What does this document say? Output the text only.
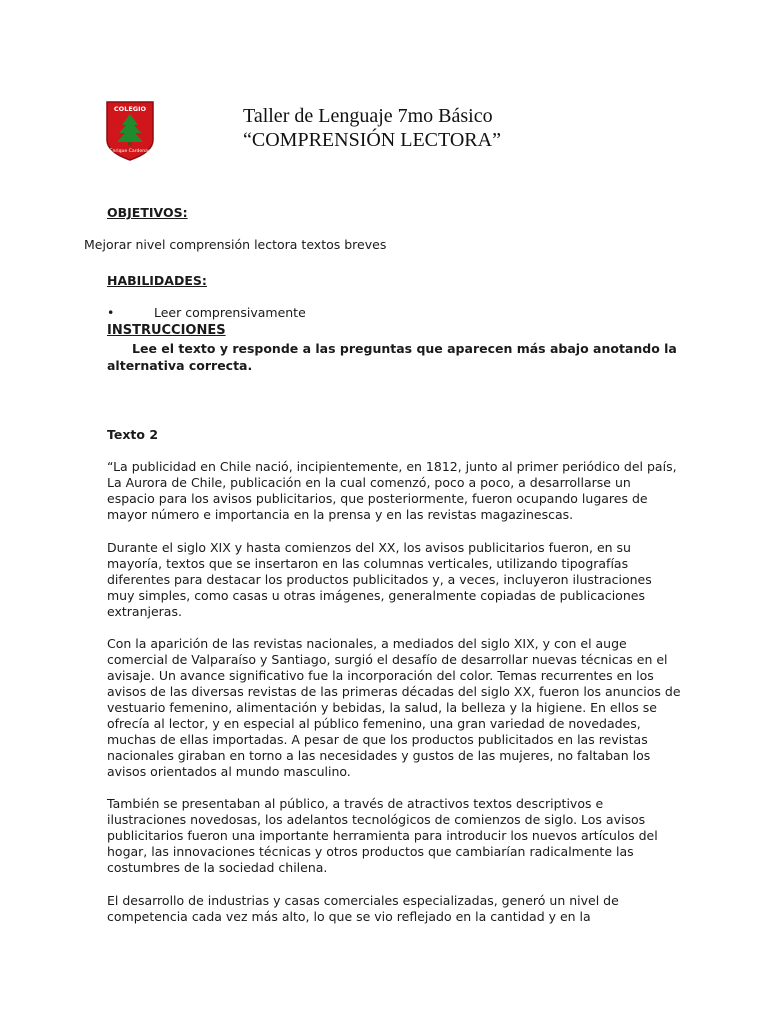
COLEGIO
Enrique Cardenas
Taller de Lenguaje 7mo Básico
“COMPRENSIÓN LECTORA”
OBJETIVOS:
Mejorar nivel comprensión lectora textos breves
HABILIDADES:
•	Leer comprensivamente
INSTRUCCIONES
Lee el texto y responde a las preguntas que aparecen más abajo anotando la alternativa correcta.
Texto 2

“La publicidad en Chile nació, incipientemente, en 1812, junto al primer periódico del país, La Aurora de Chile, publicación en la cual comenzó, poco a poco, a desarrollarse un espacio para los avisos publicitarios, que posteriormente, fueron ocupando lugares de mayor número e importancia en la prensa y en las revistas magazinescas.

Durante el siglo XIX y hasta comienzos del XX, los avisos publicitarios fueron, en su mayoría, textos que se insertaron en las columnas verticales, utilizando tipografías diferentes para destacar los productos publicitados y, a veces, incluyeron ilustraciones muy simples, como casas u otras imágenes, generalmente copiadas de publicaciones extranjeras.

Con la aparición de las revistas nacionales, a mediados del siglo XIX, y con el auge comercial de Valparaíso y Santiago, surgió el desafío de desarrollar nuevas técnicas en el avisaje. Un avance significativo fue la incorporación del color. Temas recurrentes en los avisos de las diversas revistas de las primeras décadas del siglo XX, fueron los anuncios de vestuario femenino, alimentación y bebidas, la salud, la belleza y la higiene. En ellos se ofrecía al lector, y en especial al público femenino, una gran variedad de novedades, muchas de ellas importadas. A pesar de que los productos publicitados en las revistas nacionales giraban en torno a las necesidades y gustos de las mujeres, no faltaban los avisos orientados al mundo masculino.

También se presentaban al público, a través de atractivos textos descriptivos e ilustraciones novedosas, los adelantos tecnológicos de comienzos de siglo. Los avisos publicitarios fueron una importante herramienta para introducir los nuevos artículos del hogar, las innovaciones técnicas y otros productos que cambiarían radicalmente las costumbres de la sociedad chilena.

El desarrollo de industrias y casas comerciales especializadas, generó un nivel de competencia cada vez más alto, lo que se vio reflejado en la cantidad y en la
